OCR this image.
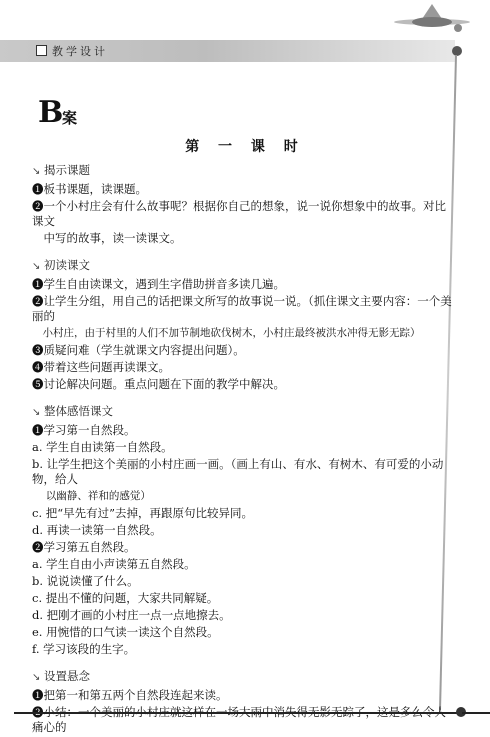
教学设计
B
案
第 一 课 时
↘ 揭示课题
❶板书课题，读课题。
❷一个小村庄会有什么故事呢？根据你自己的想象，说一说你想象中的故事。对比课文
　中写的故事，读一读课文。
↘ 初读课文
❶学生自由读课文，遇到生字借助拼音多读几遍。
❷让学生分组，用自己的话把课文所写的故事说一说。（抓住课文主要内容：一个美丽的
　小村庄，由于村里的人们不加节制地砍伐树木，小村庄最终被洪水冲得无影无踪）
❸质疑问难（学生就课文内容提出问题）。
❹带着这些问题再读课文。
❺讨论解决问题。重点问题在下面的教学中解决。
↘ 整体感悟课文
❶学习第一自然段。
a. 学生自由读第一自然段。
b. 让学生把这个美丽的小村庄画一画。（画上有山、有水、有树木、有可爱的小动物，给人
　 以幽静、祥和的感觉）
c. 把“早先有过”去掉，再跟原句比较异同。
d. 再读一读第一自然段。
❷学习第五自然段。
a. 学生自由小声读第五自然段。
b. 说说读懂了什么。
c. 提出不懂的问题，大家共同解疑。
d. 把刚才画的小村庄一点一点地擦去。
e. 用惋惜的口气读一读这个自然段。
f. 学习该段的生字。
↘ 设置悬念
❶把第一和第五两个自然段连起来读。
痛心的
